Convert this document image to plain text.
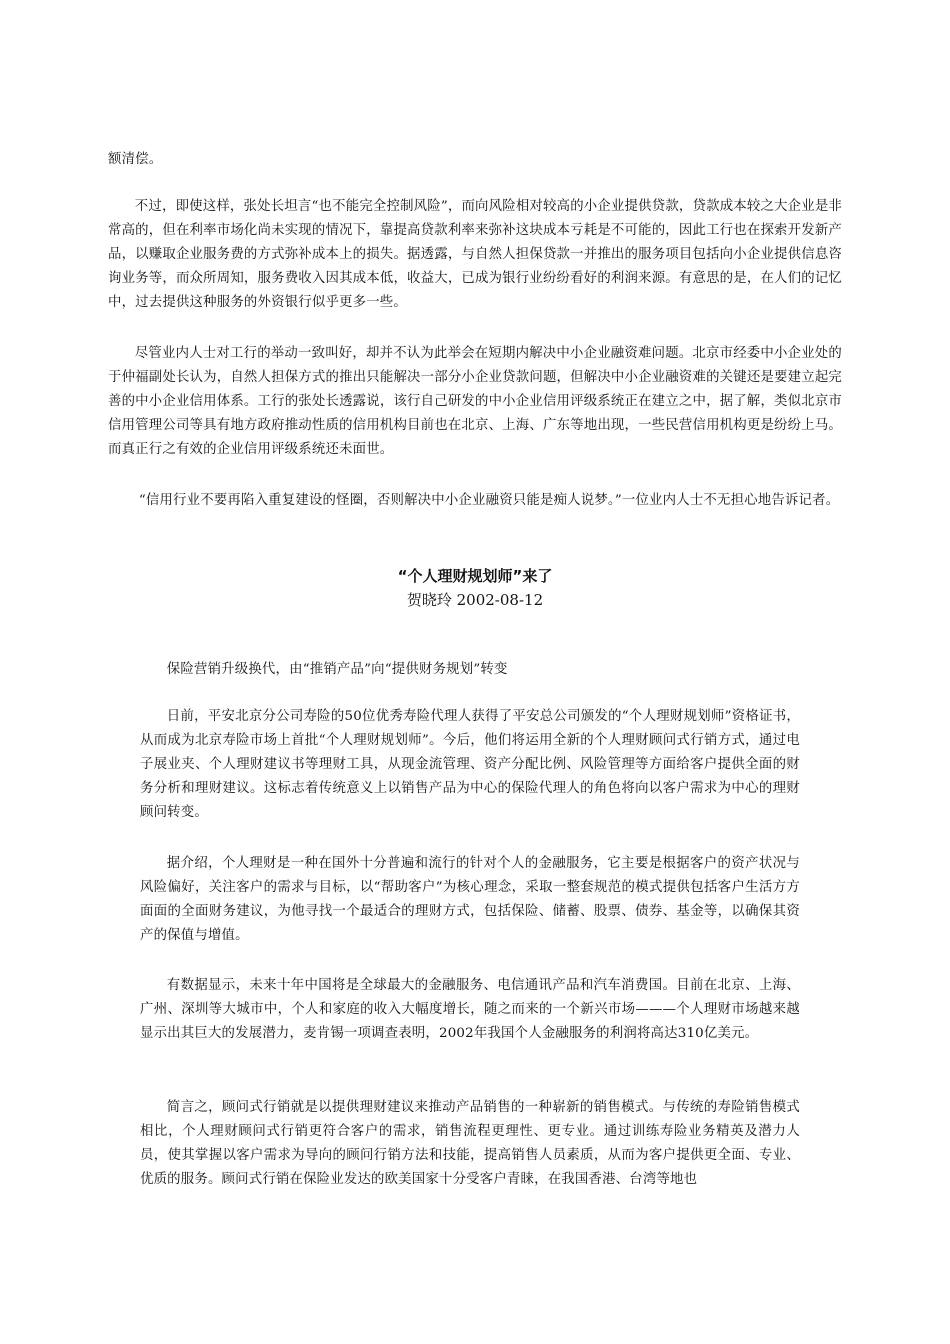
额清偿。
不过，即使这样，张处长坦言“也不能完全控制风险”，而向风险相对较高的小企业提供贷款，贷款成本较之大企业是非常高的，但在利率市场化尚未实现的情况下，靠提高贷款利率来弥补这块成本亏耗是不可能的，因此工行也在探索开发新产品，以赚取企业服务费的方式弥补成本上的损失。据透露，与自然人担保贷款一并推出的服务项目包括向小企业提供信息咨询业务等，而众所周知，服务费收入因其成本低，收益大，已成为银行业纷纷看好的利润来源。有意思的是，在人们的记忆中，过去提供这种服务的外资银行似乎更多一些。
尽管业内人士对工行的举动一致叫好，却并不认为此举会在短期内解决中小企业融资难问题。北京市经委中小企业处的于仲福副处长认为，自然人担保方式的推出只能解决一部分小企业贷款问题，但解决中小企业融资难的关键还是要建立起完善的中小企业信用体系。工行的张处长透露说，该行自己研发的中小企业信用评级系统正在建立之中，据了解，类似北京市信用管理公司等具有地方政府推动性质的信用机构目前也在北京、上海、广东等地出现，一些民营信用机构更是纷纷上马。而真正行之有效的企业信用评级系统还未面世。
“信用行业不要再陷入重复建设的怪圈，否则解决中小企业融资只能是痴人说梦。”一位业内人士不无担心地告诉记者。
“个人理财规划师”来了
贺晓玲 2002-08-12
保险营销升级换代，由“推销产品”向“提供财务规划”转变
日前，平安北京分公司寿险的50位优秀寿险代理人获得了平安总公司颁发的“个人理财规划师”资格证书，从而成为北京寿险市场上首批“个人理财规划师”。今后，他们将运用全新的个人理财顾问式行销方式，通过电子展业夹、个人理财建议书等理财工具，从现金流管理、资产分配比例、风险管理等方面给客户提供全面的财务分析和理财建议。这标志着传统意义上以销售产品为中心的保险代理人的角色将向以客户需求为中心的理财顾问转变。
据介绍，个人理财是一种在国外十分普遍和流行的针对个人的金融服务，它主要是根据客户的资产状况与风险偏好，关注客户的需求与目标，以“帮助客户”为核心理念，采取一整套规范的模式提供包括客户生活方方面面的全面财务建议，为他寻找一个最适合的理财方式，包括保险、储蓄、股票、债券、基金等，以确保其资产的保值与增值。
有数据显示，未来十年中国将是全球最大的金融服务、电信通讯产品和汽车消费国。目前在北京、上海、广州、深圳等大城市中，个人和家庭的收入大幅度增长，随之而来的一个新兴市场———个人理财市场越来越显示出其巨大的发展潜力，麦肯锡一项调查表明，2002年我国个人金融服务的利润将高达310亿美元。
简言之，顾问式行销就是以提供理财建议来推动产品销售的一种崭新的销售模式。与传统的寿险销售模式相比，个人理财顾问式行销更符合客户的需求，销售流程更理性、更专业。通过训练寿险业务精英及潜力人员，使其掌握以客户需求为导向的顾问行销方法和技能，提高销售人员素质，从而为客户提供更全面、专业、优质的服务。顾问式行销在保险业发达的欧美国家十分受客户青睐，在我国香港、台湾等地也
